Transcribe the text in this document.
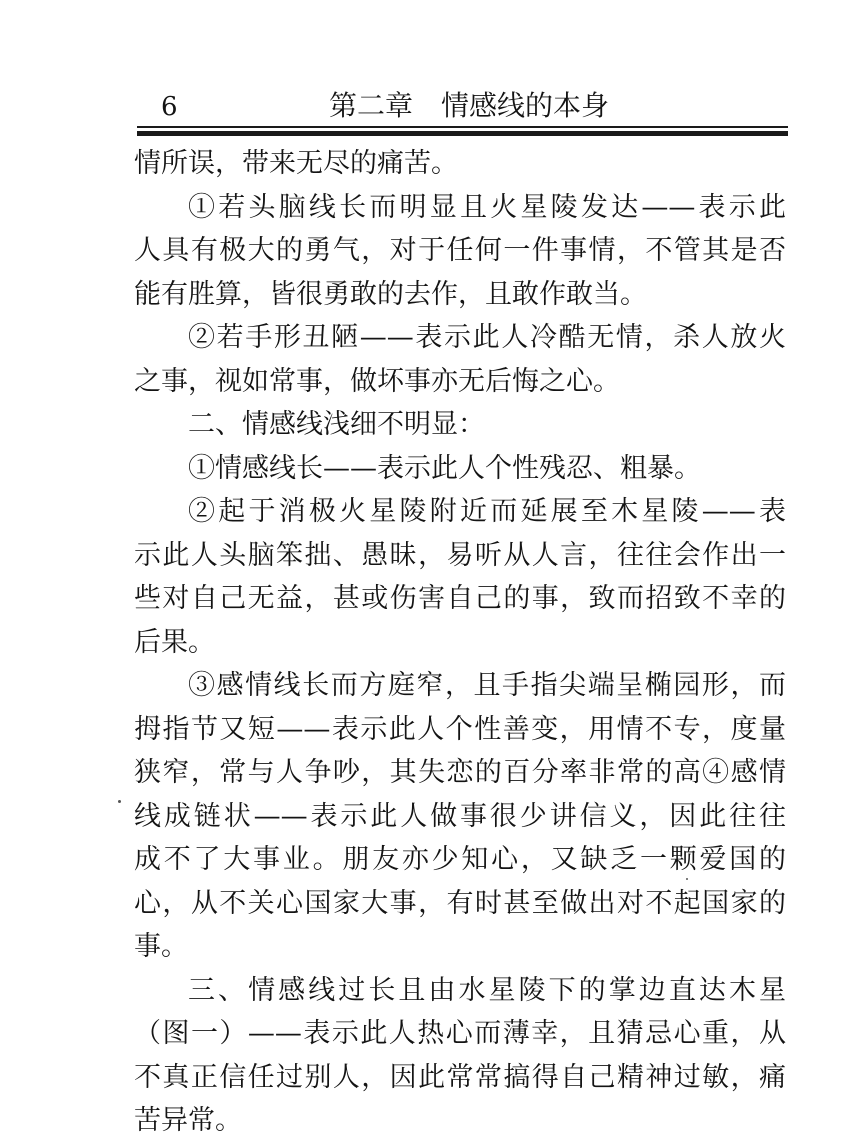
6	第二章　情感线的本身
情所误，带来无尽的痛苦。
①若头脑线长而明显且火星陵发达——表示此
人具有极大的勇气，对于任何一件事情，不管其是否
能有胜算，皆很勇敢的去作，且敢作敢当。
②若手形丑陋——表示此人冷酷无情，杀人放火
之事，视如常事，做坏事亦无后悔之心。
二、情感线浅细不明显：
①情感线长——表示此人个性残忍、粗暴。
②起于消极火星陵附近而延展至木星陵——表
示此人头脑笨拙、愚昧，易听从人言，往往会作出一
些对自己无益，甚或伤害自己的事，致而招致不幸的
后果。
③感情线长而方庭窄，且手指尖端呈椭园形，而
拇指节又短——表示此人个性善变，用情不专，度量
狭窄，常与人争吵，其失恋的百分率非常的高④感情
线成链状——表示此人做事很少讲信义，因此往往
成不了大事业。朋友亦少知心，又缺乏一颗爱国的
心，从不关心国家大事，有时甚至做出对不起国家的
事。
三、情感线过长且由水星陵下的掌边直达木星
（图一）——表示此人热心而薄幸，且猜忌心重，从
不真正信任过别人，因此常常搞得自己精神过敏，痛
苦异常。
